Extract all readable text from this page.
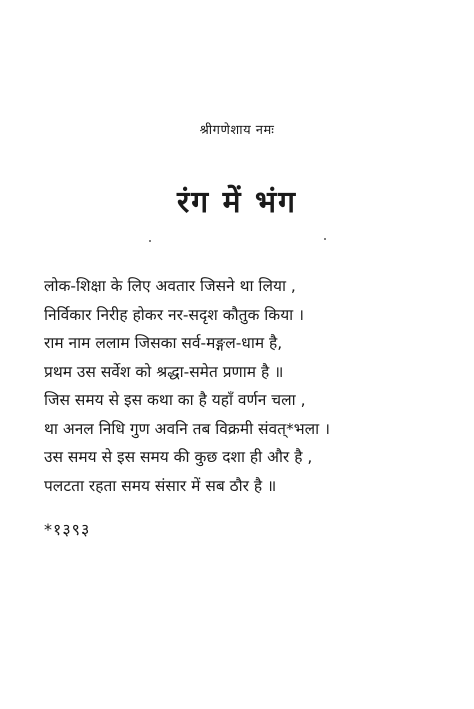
श्रीगणेशाय नमः
रंग में भंग
लोक-शिक्षा के लिए अवतार जिसने था लिया ,
निर्विकार निरीह होकर नर-सदृश कौतुक किया ।
राम नाम ललाम जिसका सर्व-मङ्गल-धाम है,
प्रथम उस सर्वेश को श्रद्धा-समेत प्रणाम है ॥
जिस समय से इस कथा का है यहाँ वर्णन चला ,
था अनल निधि गुण अवनि तब विक्रमी संवत्*भला ।
उस समय से इस समय की कुछ दशा ही और है ,
पलटता रहता समय संसार में सब ठौर है ॥
*१३९३
